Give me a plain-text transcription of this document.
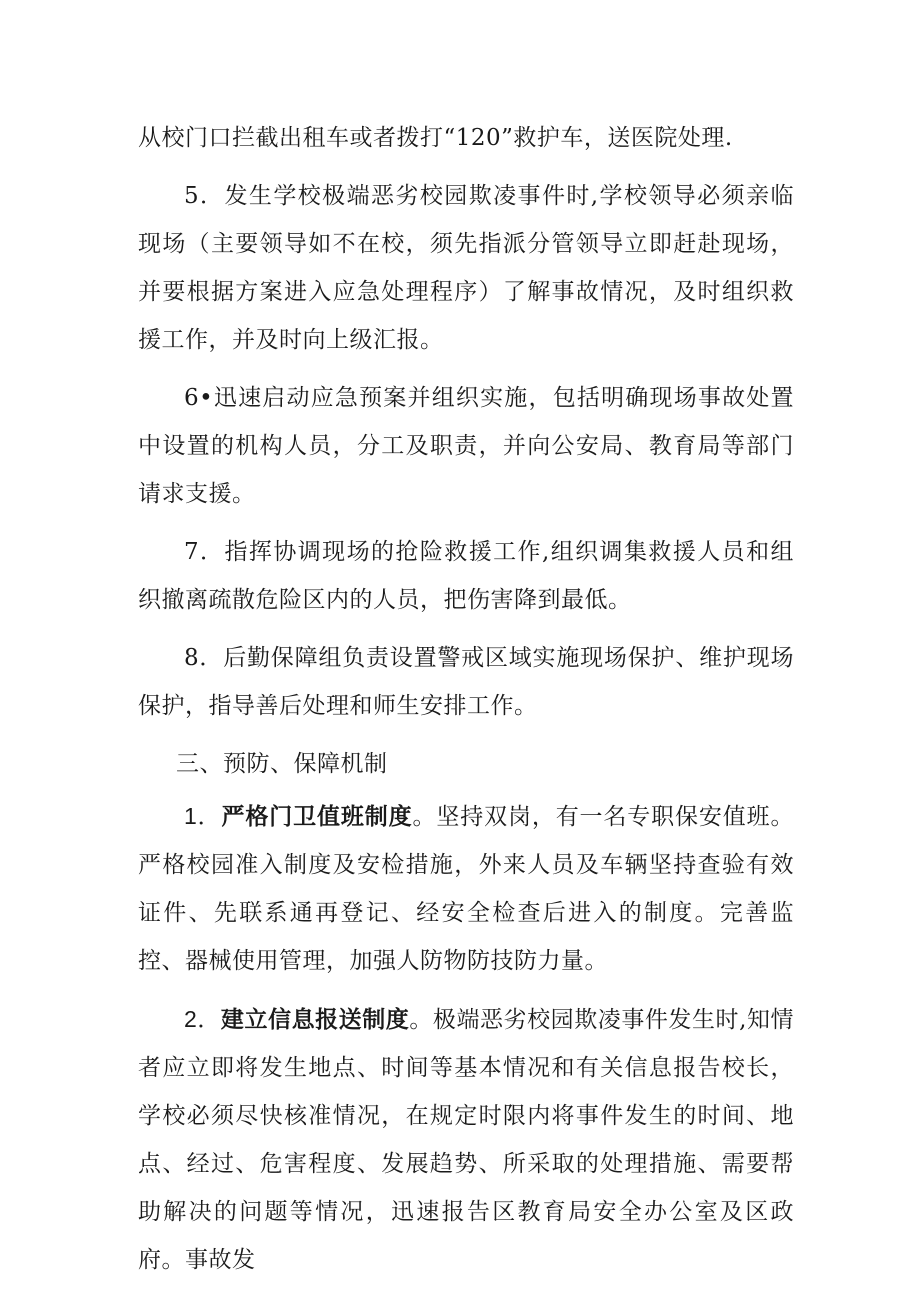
从校门口拦截出租车或者拨打“120”救护车，送医院处理.

5．发生学校极端恶劣校园欺凌事件时,学校领导必须亲临现场（主要领导如不在校，须先指派分管领导立即赶赴现场，并要根据方案进入应急处理程序）了解事故情况，及时组织救援工作，并及时向上级汇报。

6•迅速启动应急预案并组织实施，包括明确现场事故处置中设置的机构人员，分工及职责，并向公安局、教育局等部门请求支援。

7．指挥协调现场的抢险救援工作,组织调集救援人员和组织撤离疏散危险区内的人员，把伤害降到最低。

8．后勤保障组负责设置警戒区域实施现场保护、维护现场保护，指导善后处理和师生安排工作。

三、预防、保障机制

1．严格门卫值班制度。坚持双岗，有一名专职保安值班。严格校园准入制度及安检措施，外来人员及车辆坚持查验有效证件、先联系通再登记、经安全检查后进入的制度。完善监控、器械使用管理，加强人防物防技防力量。

2．建立信息报送制度。极端恶劣校园欺凌事件发生时,知情者应立即将发生地点、时间等基本情况和有关信息报告校长，学校必须尽快核准情况，在规定时限内将事件发生的时间、地点、经过、危害程度、发展趋势、所采取的处理措施、需要帮助解决的问题等情况，迅速报告区教育局安全办公室及区政府。事故发
